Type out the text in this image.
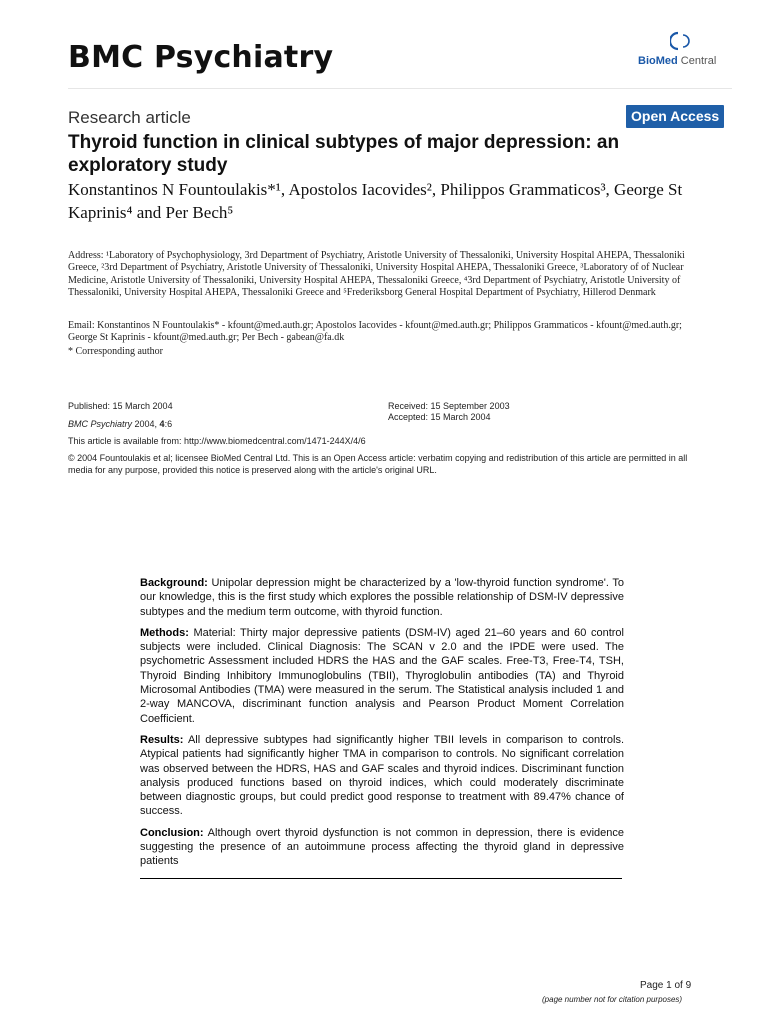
BMC Psychiatry	BioMed Central
Research article	Open Access
Thyroid function in clinical subtypes of major depression: an exploratory study
Konstantinos N Fountoulakis*¹, Apostolos Iacovides², Philippos Grammaticos³, George St Kaprinis⁴ and Per Bech⁵
Address: ¹Laboratory of Psychophysiology, 3rd Department of Psychiatry, Aristotle University of Thessaloniki, University Hospital AHEPA, Thessaloniki Greece, ²3rd Department of Psychiatry, Aristotle University of Thessaloniki, University Hospital AHEPA, Thessaloniki Greece, ³Laboratory of of Nuclear Medicine, Aristotle University of Thessaloniki, University Hospital AHEPA, Thessaloniki Greece, ⁴3rd Department of Psychiatry, Aristotle University of Thessaloniki, University Hospital AHEPA, Thessaloniki Greece and ⁵Frederiksborg General Hospital Department of Psychiatry, Hillerod Denmark
Email: Konstantinos N Fountoulakis* - kfount@med.auth.gr; Apostolos Iacovides - kfount@med.auth.gr; Philippos Grammaticos - kfount@med.auth.gr; George St Kaprinis - kfount@med.auth.gr; Per Bech - gabean@fa.dk
* Corresponding author
Published: 15 March 2004
BMC Psychiatry 2004, 4:6
This article is available from: http://www.biomedcentral.com/1471-244X/4/6
Received: 15 September 2003
Accepted: 15 March 2004
© 2004 Fountoulakis et al; licensee BioMed Central Ltd. This is an Open Access article: verbatim copying and redistribution of this article are permitted in all media for any purpose, provided this notice is preserved along with the article's original URL.

Background: Unipolar depression might be characterized by a 'low-thyroid function syndrome'. To our knowledge, this is the first study which explores the possible relationship of DSM-IV depressive subtypes and the medium term outcome, with thyroid function.

Methods: Material: Thirty major depressive patients (DSM-IV) aged 21–60 years and 60 control subjects were included. Clinical Diagnosis: The SCAN v 2.0 and the IPDE were used. The psychometric Assessment included HDRS the HAS and the GAF scales. Free-T3, Free-T4, TSH, Thyroid Binding Inhibitory Immunoglobulins (TBII), Thyroglobulin antibodies (TA) and Thyroid Microsomal Antibodies (TMA) were measured in the serum. The Statistical analysis included 1 and 2-way MANCOVA, discriminant function analysis and Pearson Product Moment Correlation Coefficient.

Results: All depressive subtypes had significantly higher TBII levels in comparison to controls. Atypical patients had significantly higher TMA in comparison to controls. No significant correlation was observed between the HDRS, HAS and GAF scales and thyroid indices. Discriminant function analysis produced functions based on thyroid indices, which could moderately discriminate between diagnostic groups, but could predict good response to treatment with 89.47% chance of success.

Conclusion: Although overt thyroid dysfunction is not common in depression, there is evidence suggesting the presence of an autoimmune process affecting the thyroid gland in depressive patients

Page 1 of 9
(page number not for citation purposes)
